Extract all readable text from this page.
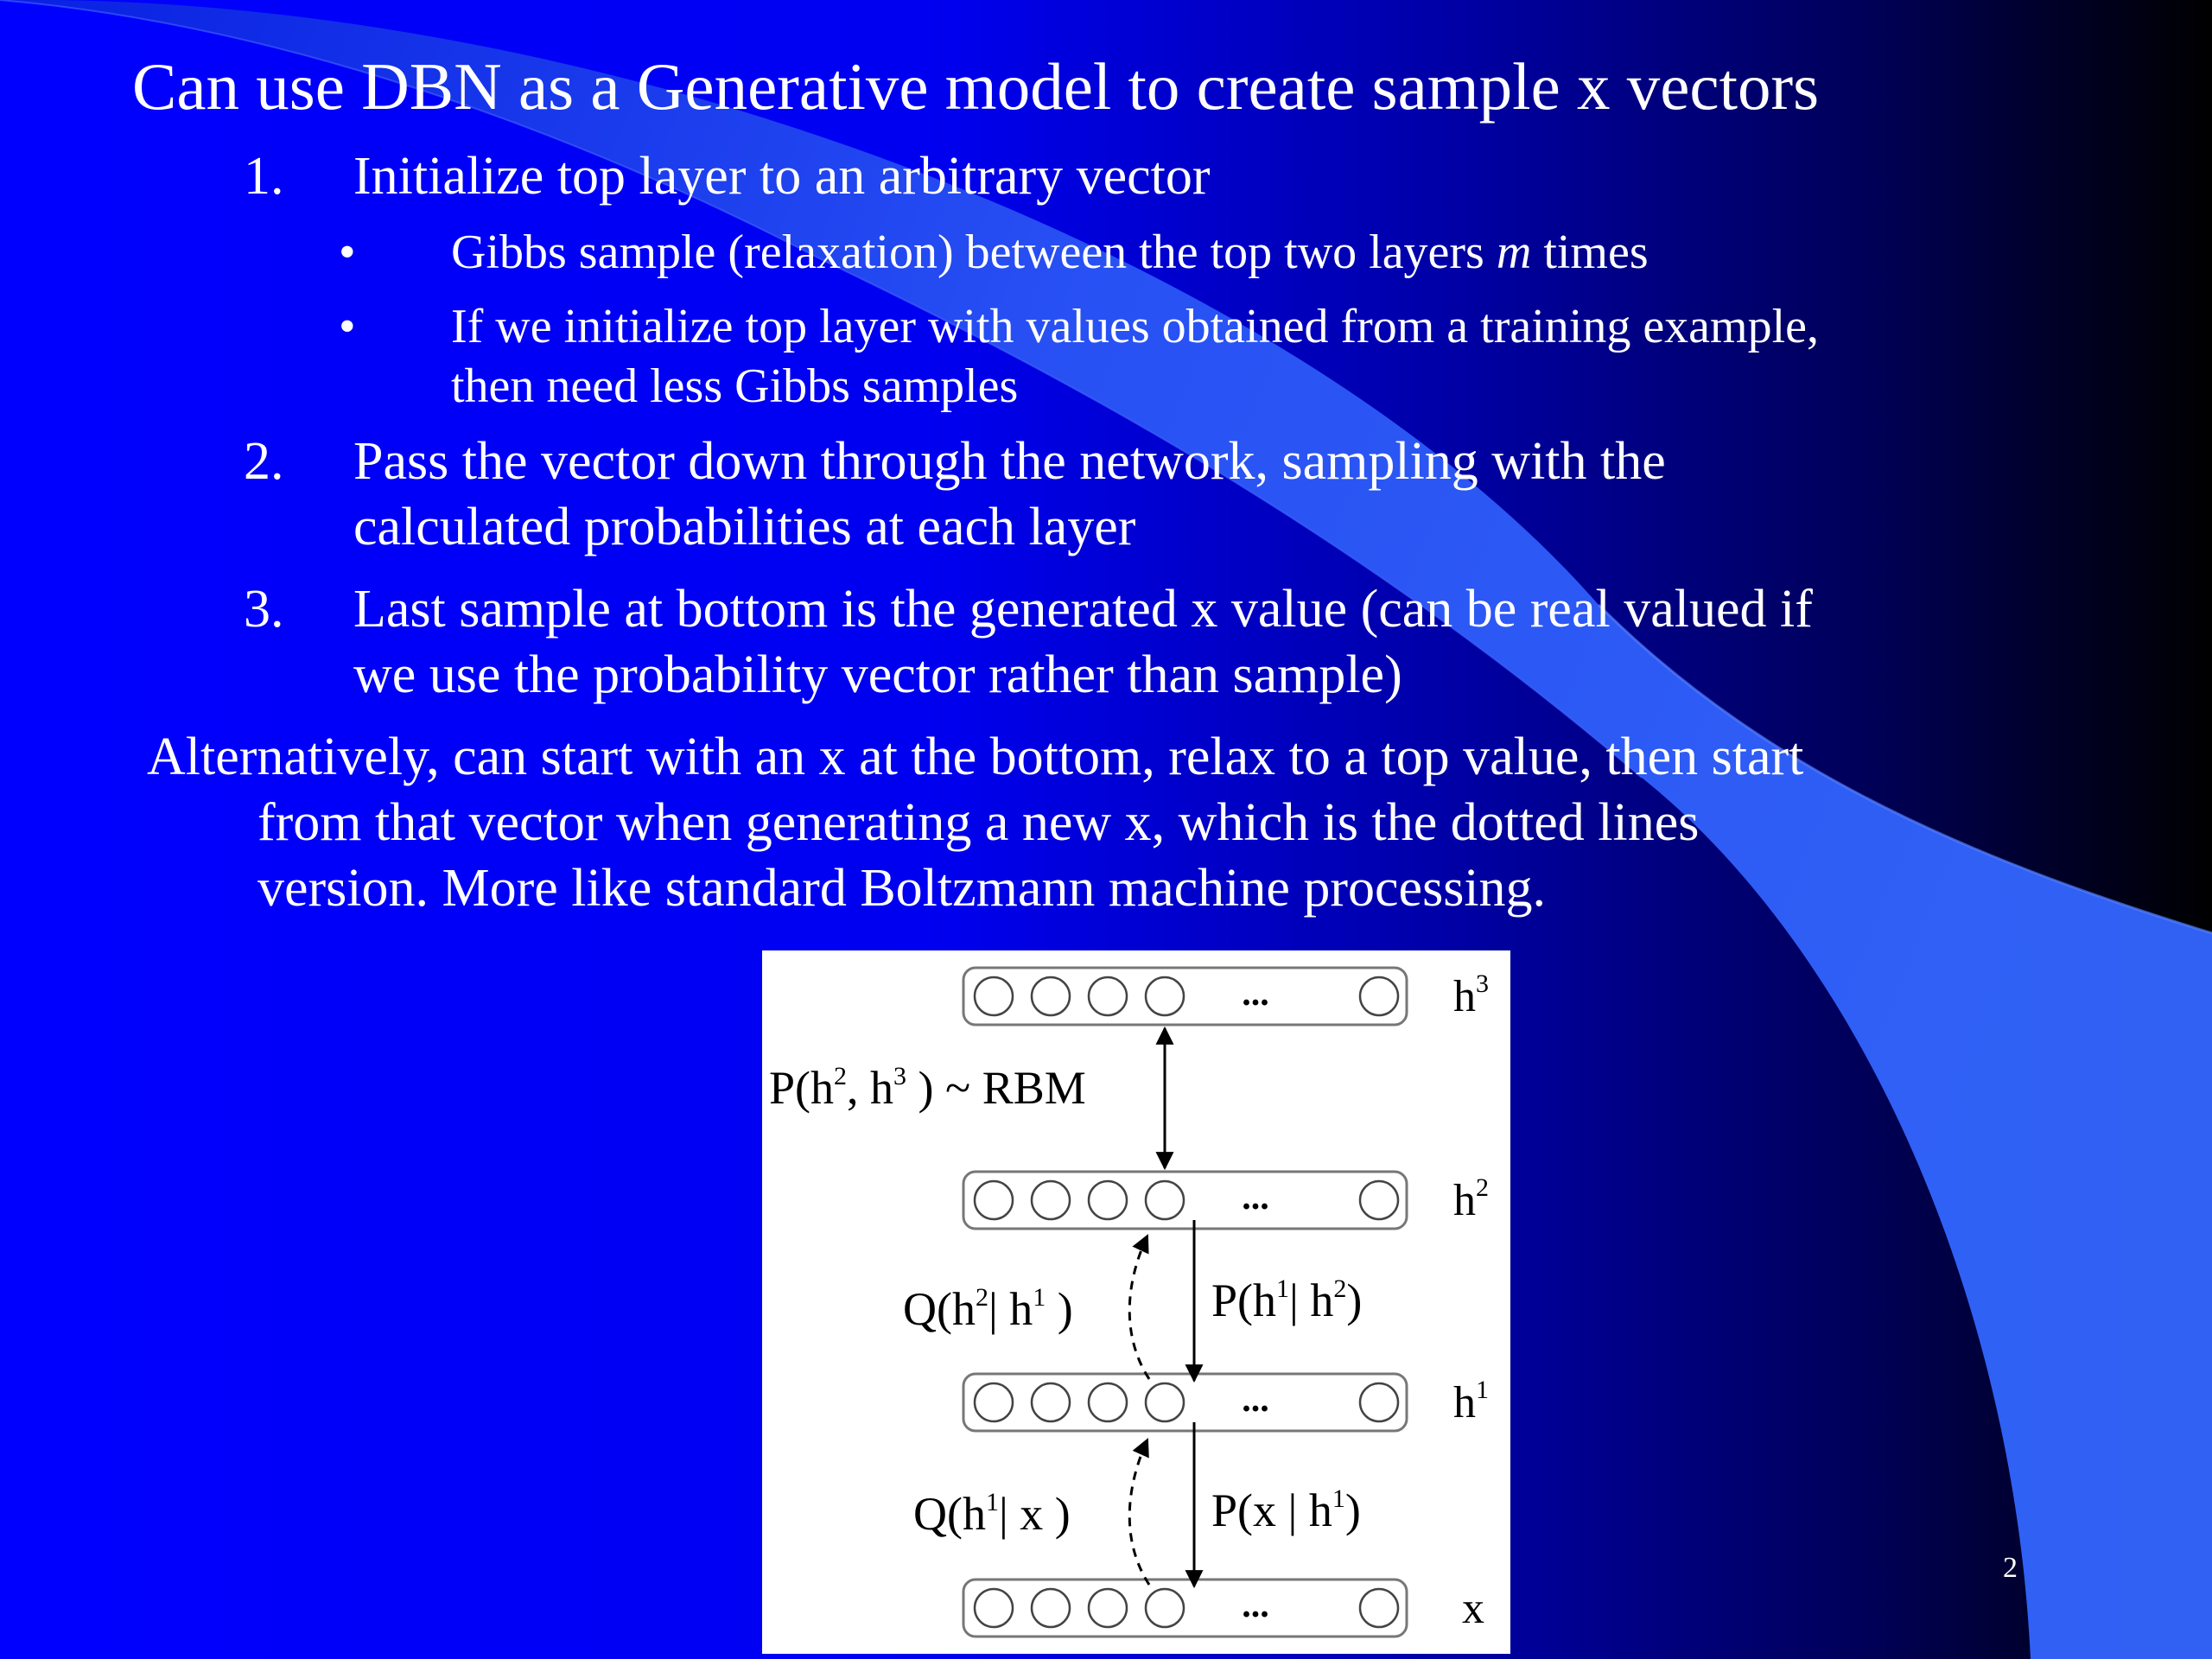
Can use DBN as a Generative model to create sample x vectors
1. Initialize top layer to an arbitrary vector
• Gibbs sample (relaxation) between the top two layers m times
• If we initialize top layer with values obtained from a training example,
then need less Gibbs samples
2. Pass the vector down through the network, sampling with the
calculated probabilities at each layer
3. Last sample at bottom is the generated x value (can be real valued if
we use the probability vector rather than sample)
Alternatively, can start with an x at the bottom, relax to a top value, then start
from that vector when generating a new x, which is the dotted lines
version. More like standard Boltzmann machine processing.
...	$h^3$
...	$h^2$
...	$h^1$
...	x
$P(h^2$, $h^3$ ) ~ RBM
$P(h^1|$ $h^2$)
$Q(h^2|$ $h^1$ )
P(x | $h^1$)
$Q(h^1|$ x )
2
